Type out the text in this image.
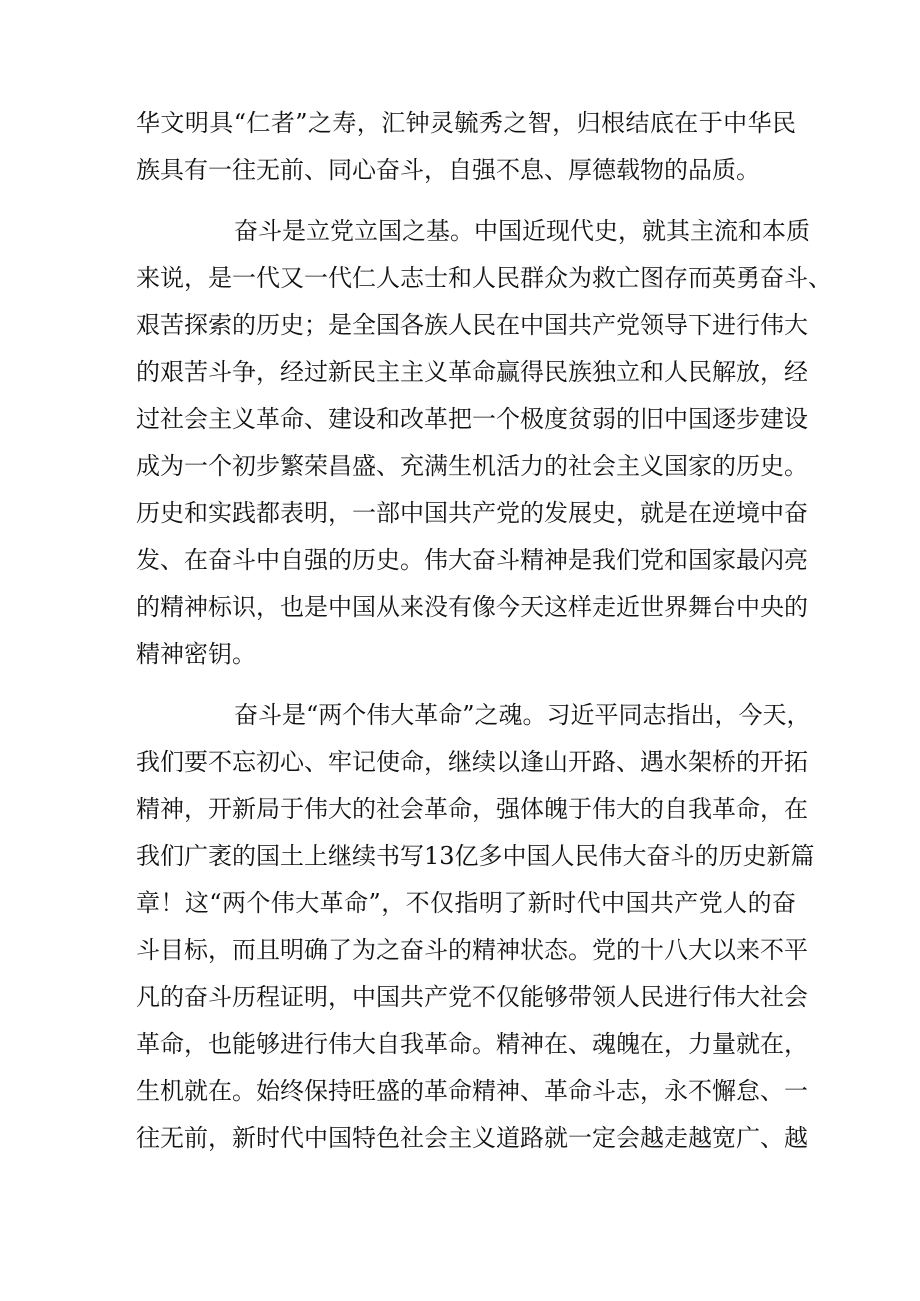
华文明具“仁者”之寿，汇钟灵毓秀之智，归根结底在于中华民
族具有一往无前、同心奋斗，自强不息、厚德载物的品质。
奋斗是立党立国之基。中国近现代史，就其主流和本质
来说，是一代又一代仁人志士和人民群众为救亡图存而英勇奋斗、
艰苦探索的历史；是全国各族人民在中国共产党领导下进行伟大
的艰苦斗争，经过新民主主义革命赢得民族独立和人民解放，经
过社会主义革命、建设和改革把一个极度贫弱的旧中国逐步建设
成为一个初步繁荣昌盛、充满生机活力的社会主义国家的历史。
历史和实践都表明，一部中国共产党的发展史，就是在逆境中奋
发、在奋斗中自强的历史。伟大奋斗精神是我们党和国家最闪亮
的精神标识，也是中国从来没有像今天这样走近世界舞台中央的
精神密钥。
奋斗是“两个伟大革命”之魂。习近平同志指出，今天，
我们要不忘初心、牢记使命，继续以逢山开路、遇水架桥的开拓
精神，开新局于伟大的社会革命，强体魄于伟大的自我革命，在
我们广袤的国土上继续书写13亿多中国人民伟大奋斗的历史新篇
章！这“两个伟大革命”，不仅指明了新时代中国共产党人的奋
斗目标，而且明确了为之奋斗的精神状态。党的十八大以来不平
凡的奋斗历程证明，中国共产党不仅能够带领人民进行伟大社会
革命，也能够进行伟大自我革命。精神在、魂魄在，力量就在，
生机就在。始终保持旺盛的革命精神、革命斗志，永不懈怠、一
往无前，新时代中国特色社会主义道路就一定会越走越宽广、越
